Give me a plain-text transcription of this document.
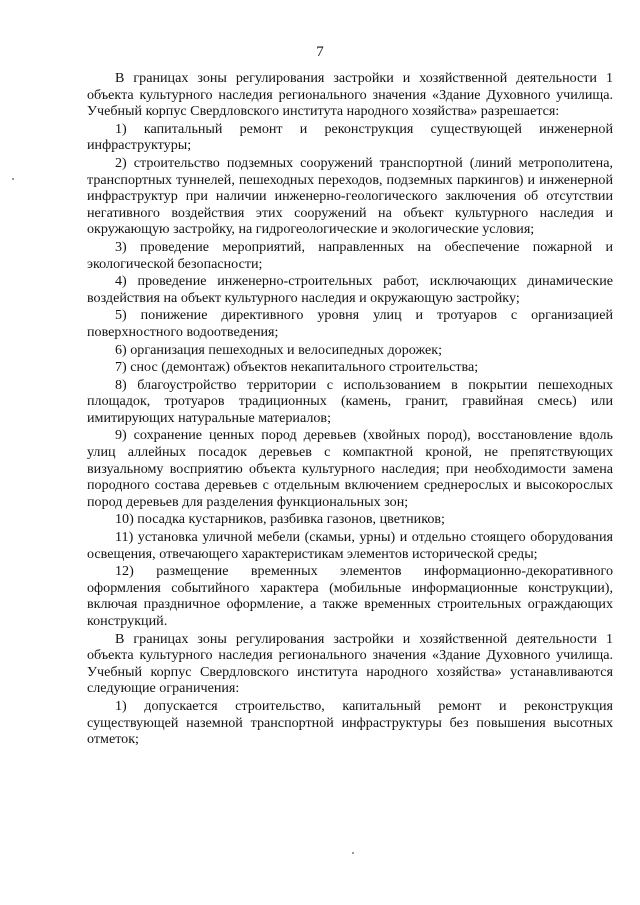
7

В границах зоны регулирования застройки и хозяйственной деятельности 1 объекта культурного наследия регионального значения «Здание Духовного училища. Учебный корпус Свердловского института народного хозяйства» разрешается:

1) капитальный ремонт и реконструкция существующей инженерной инфраструктуры;

2) строительство подземных сооружений транспортной (линий метрополитена, транспортных туннелей, пешеходных переходов, подземных паркингов) и инженерной инфраструктур при наличии инженерно-геологического заключения об отсутствии негативного воздействия этих сооружений на объект культурного наследия и окружающую застройку, на гидрогеологические и экологические условия;

3) проведение мероприятий, направленных на обеспечение пожарной и экологической безопасности;

4) проведение инженерно-строительных работ, исключающих динамические воздействия на объект культурного наследия и окружающую застройку;

5) понижение директивного уровня улиц и тротуаров с организацией поверхностного водоотведения;

6) организация пешеходных и велосипедных дорожек;

7) снос (демонтаж) объектов некапитального строительства;

8) благоустройство территории с использованием в покрытии пешеходных площадок, тротуаров традиционных (камень, гранит, гравийная смесь) или имитирующих натуральные материалов;

9) сохранение ценных пород деревьев (хвойных пород), восстановление вдоль улиц аллейных посадок деревьев с компактной кроной, не препятствующих визуальному восприятию объекта культурного наследия; при необходимости замена породного состава деревьев с отдельным включением среднерослых и высокорослых пород деревьев для разделения функциональных зон;

10) посадка кустарников, разбивка газонов, цветников;

11) установка уличной мебели (скамьи, урны) и отдельно стоящего оборудования освещения, отвечающего характеристикам элементов исторической среды;

12) размещение временных элементов информационно-декоративного оформления событийного характера (мобильные информационные конструкции), включая праздничное оформление, а также временных строительных ограждающих конструкций.

В границах зоны регулирования застройки и хозяйственной деятельности 1 объекта культурного наследия регионального значения «Здание Духовного училища. Учебный корпус Свердловского института народного хозяйства» устанавливаются следующие ограничения:

1) допускается строительство, капитальный ремонт и реконструкция существующей наземной транспортной инфраструктуры без повышения высотных отметок;
